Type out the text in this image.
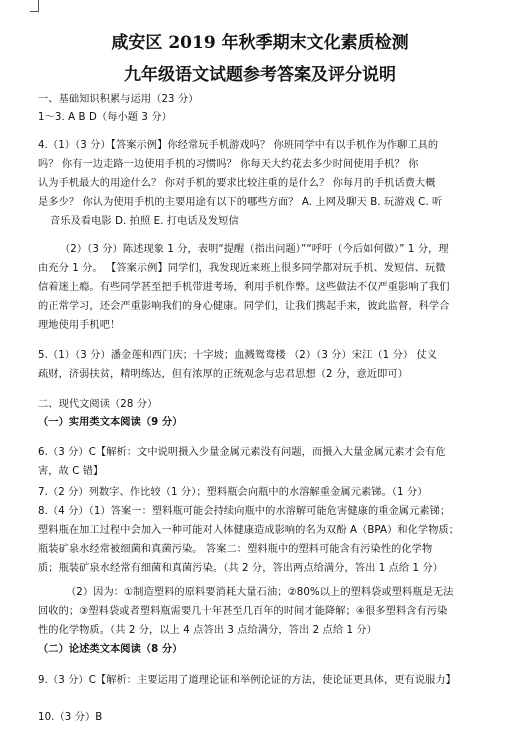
咸安区 2019 年秋季期末文化素质检测
九年级语文试题参考答案及评分说明
一、基础知识积累与运用（23 分）
1～3. A B D（每小题 3 分）
4.（1）（3 分）【答案示例】你经常玩手机游戏吗？ 你班同学中有以手机作为作聊工具的
吗？ 你有一边走路一边使用手机的习惯吗？ 你每天大约花去多少时间使用手机？ 你
认为手机最大的用途什么？ 你对手机的要求比较注重的是什么？ 你每月的手机话费大概
是多少？ 你认为使用手机的主要用途有以下的哪些方面？ A. 上网及聊天 B. 玩游戏 C. 听
音乐及看电影 D. 拍照 E. 打电话及发短信
（2）（3 分）陈述现象 1 分，表明“提醒（指出问题）”“呼吁（今后如何做）” 1 分，理
由充分 1 分。 【答案示例】同学们，我发现近来班上很多同学都对玩手机、发短信、玩微
信着迷上瘾。有些同学甚至把手机带进考场，利用手机作弊。这些做法不仅严重影响了我们
的正常学习，还会严重影响我们的身心健康。同学们，让我们携起手来，彼此监督，科学合
理地使用手机吧！
5.（1）（3 分）潘金莲和西门庆；十字坡；血溅鸳鸯楼 （2）（3 分）宋江（1 分） 仗义
疏财，济弱扶贫，精明练达，但有浓厚的正统观念与忠君思想（2 分，意近即可）
二、现代文阅读（28 分）
（一）实用类文本阅读（9 分）
6.（3 分）C【解析：文中说明摄入少量金属元素没有问题，而摄入大量金属元素才会有危
害，故 C 错】
7.（2 分）列数字、作比较（1 分）；塑料瓶会向瓶中的水溶解重金属元素锑。（1 分）
8.（4 分）（1）答案一：塑料瓶可能会持续向瓶中的水溶解可能危害健康的重金属元素锑；
塑料瓶在加工过程中会加入一种可能对人体健康造成影响的名为双酚 A（BPA）和化学物质；
瓶装矿泉水经常被细菌和真菌污染。 答案二：塑料瓶中的塑料可能含有污染性的化学物
质；瓶装矿泉水经常有细菌和真菌污染。（共 2 分，答出两点给满分，答出 1 点给 1 分）
（2）因为：①制造塑料的原料要消耗大量石油；②80%以上的塑料袋或塑料瓶是无法
回收的；③塑料袋或者塑料瓶需要几十年甚至几百年的时间才能降解；④很多塑料含有污染
性的化学物质。（共 2 分，以上 4 点答出 3 点给满分，答出 2 点给 1 分）
（二）论述类文本阅读（8 分）
9.（3 分）C【解析：主要运用了道理论证和举例论证的方法，使论证更具体，更有说服力】
10.（3 分）B
